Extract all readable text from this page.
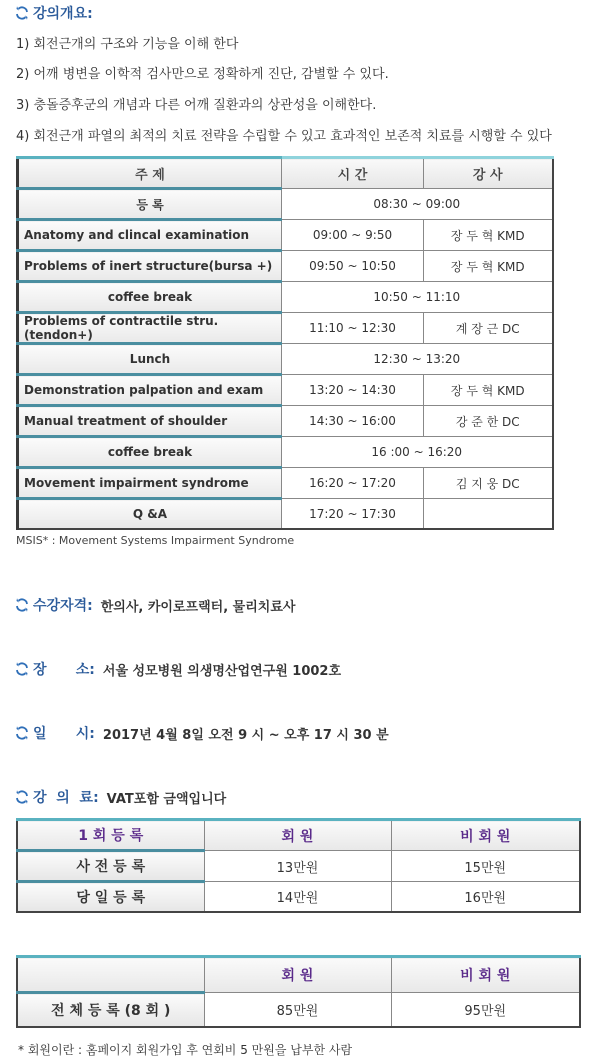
강의개요:
1) 회전근개의 구조와 기능을 이해 한다
2) 어깨 병변을 이학적 검사만으로 정확하게 진단, 감별할 수 있다.
3) 충돌증후군의 개념과 다른 어깨 질환과의 상관성을 이해한다.
4) 회전근개 파열의 최적의 치료 전략을 수립할 수 있고 효과적인 보존적 치료를 시행할 수 있다
주 제	시 간	강 사
등 록	08:30 ~ 09:00	
Anatomy and clincal examination	09:00 ~ 9:50	장 두 혁 KMD
Problems of inert structure(bursa +)	09:50 ~ 10:50	장 두 혁 KMD
coffee break	10:50 ~ 11:10	
Problems of contractile stru.(tendon+)	11:10 ~ 12:30	계 장 근 DC
Lunch	12:30 ~ 13:20	
Demonstration palpation and exam	13:20 ~ 14:30	장 두 혁 KMD
Manual treatment of shoulder	14:30 ~ 16:00	강 준 한 DC
coffee break	16 :00 ~ 16:20	
Movement impairment syndrome	16:20 ~ 17:20	김 지 웅 DC
Q &A	17:20 ~ 17:30	
MSIS* : Movement Systems Impairment Syndrome
수강자격: 한의사, 카이로프랙터, 물리치료사
장      소: 서울 성모병원 의생명산업연구원 1002호
일      시: 2017년 4월 8일 오전 9 시 ~ 오후 17 시 30 분
강  의  료: VAT포함 금액입니다
1 회 등 록	회 원	비 회 원
사 전 등 록	13만원	15만원
당 일 등 록	14만원	16만원
	회 원	비 회 원
전 체 등 록 (8 회 )	85만원	95만원
* 회원이란 : 홈페이지 회원가입 후 연회비 5 만원을 납부한 사람
